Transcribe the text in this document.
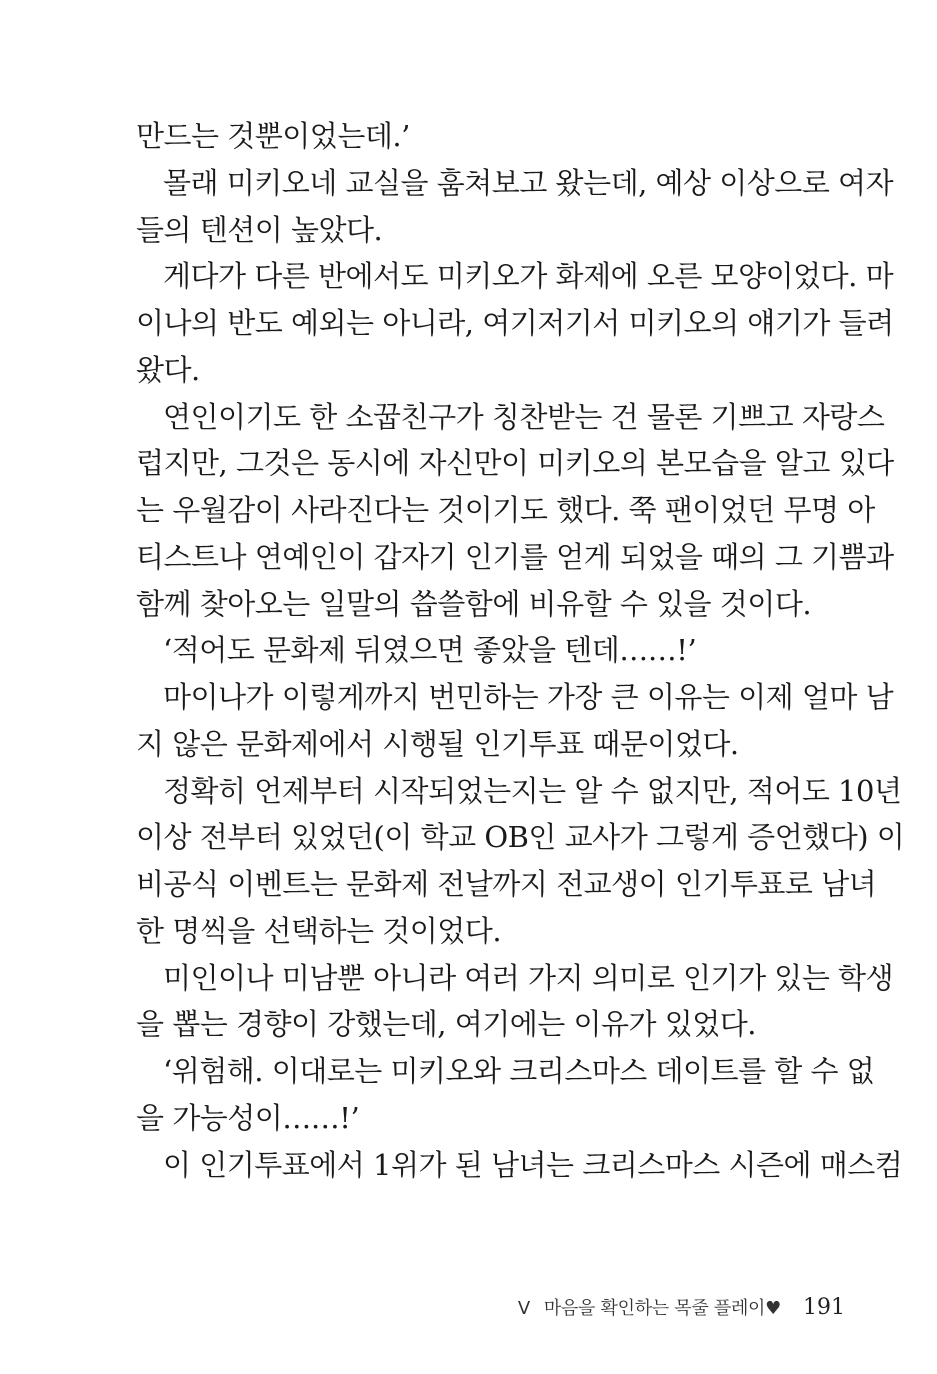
만드는 것뿐이었는데.’
몰래 미키오네 교실을 훔쳐보고 왔는데, 예상 이상으로 여자
들의 텐션이 높았다.
게다가 다른 반에서도 미키오가 화제에 오른 모양이었다. 마
이나의 반도 예외는 아니라, 여기저기서 미키오의 얘기가 들려
왔다.
연인이기도 한 소꿉친구가 칭찬받는 건 물론 기쁘고 자랑스
럽지만, 그것은 동시에 자신만이 미키오의 본모습을 알고 있다
는 우월감이 사라진다는 것이기도 했다. 쭉 팬이었던 무명 아
티스트나 연예인이 갑자기 인기를 얻게 되었을 때의 그 기쁨과
함께 찾아오는 일말의 씁쓸함에 비유할 수 있을 것이다.
‘적어도 문화제 뒤였으면 좋았을 텐데……!’
마이나가 이렇게까지 번민하는 가장 큰 이유는 이제 얼마 남
지 않은 문화제에서 시행될 인기투표 때문이었다.
정확히 언제부터 시작되었는지는 알 수 없지만, 적어도 10년
이상 전부터 있었던(이 학교 OB인 교사가 그렇게 증언했다) 이
비공식 이벤트는 문화제 전날까지 전교생이 인기투표로 남녀
한 명씩을 선택하는 것이었다.
미인이나 미남뿐 아니라 여러 가지 의미로 인기가 있는 학생
을 뽑는 경향이 강했는데, 여기에는 이유가 있었다.
‘위험해. 이대로는 미키오와 크리스마스 데이트를 할 수 없
을 가능성이……!’
이 인기투표에서 1위가 된 남녀는 크리스마스 시즌에 매스컴
V 마음을 확인하는 목줄 플레이♥ 191
